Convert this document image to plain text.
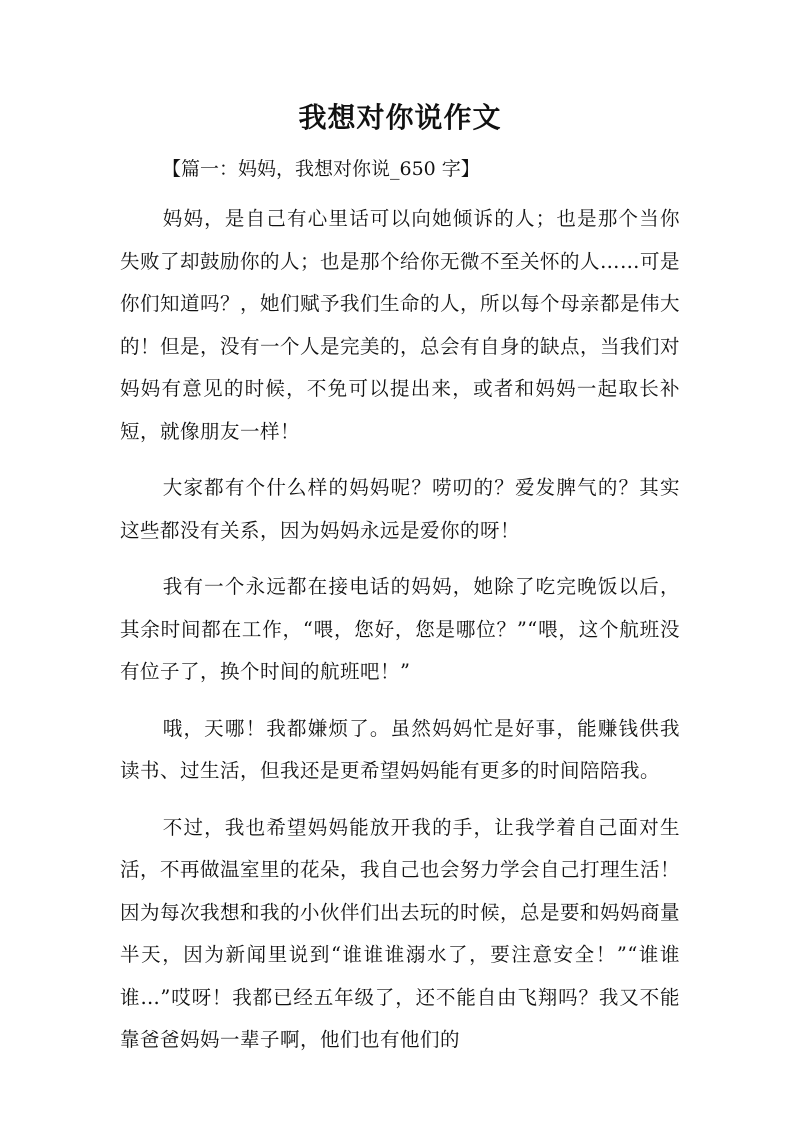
我想对你说作文
【篇一：妈妈，我想对你说_650 字】

妈妈，是自己有心里话可以向她倾诉的人；也是那个当你失败了却鼓励你的人；也是那个给你无微不至关怀的人……可是你们知道吗？，她们赋予我们生命的人，所以每个母亲都是伟大的！但是，没有一个人是完美的，总会有自身的缺点，当我们对妈妈有意见的时候，不免可以提出来，或者和妈妈一起取长补短，就像朋友一样！

大家都有个什么样的妈妈呢？唠叨的？爱发脾气的？其实这些都没有关系，因为妈妈永远是爱你的呀！

我有一个永远都在接电话的妈妈，她除了吃完晚饭以后，其余时间都在工作，“喂，您好，您是哪位？”“喂，这个航班没有位子了，换个时间的航班吧！”

哦，天哪！我都嫌烦了。虽然妈妈忙是好事，能赚钱供我读书、过生活，但我还是更希望妈妈能有更多的时间陪陪我。

不过，我也希望妈妈能放开我的手，让我学着自己面对生活，不再做温室里的花朵，我自己也会努力学会自己打理生活！因为每次我想和我的小伙伴们出去玩的时候，总是要和妈妈商量半天，因为新闻里说到“谁谁谁溺水了，要注意安全！”“谁谁谁…”哎呀！我都已经五年级了，还不能自由飞翔吗？我又不能靠爸爸妈妈一辈子啊，他们也有他们的
